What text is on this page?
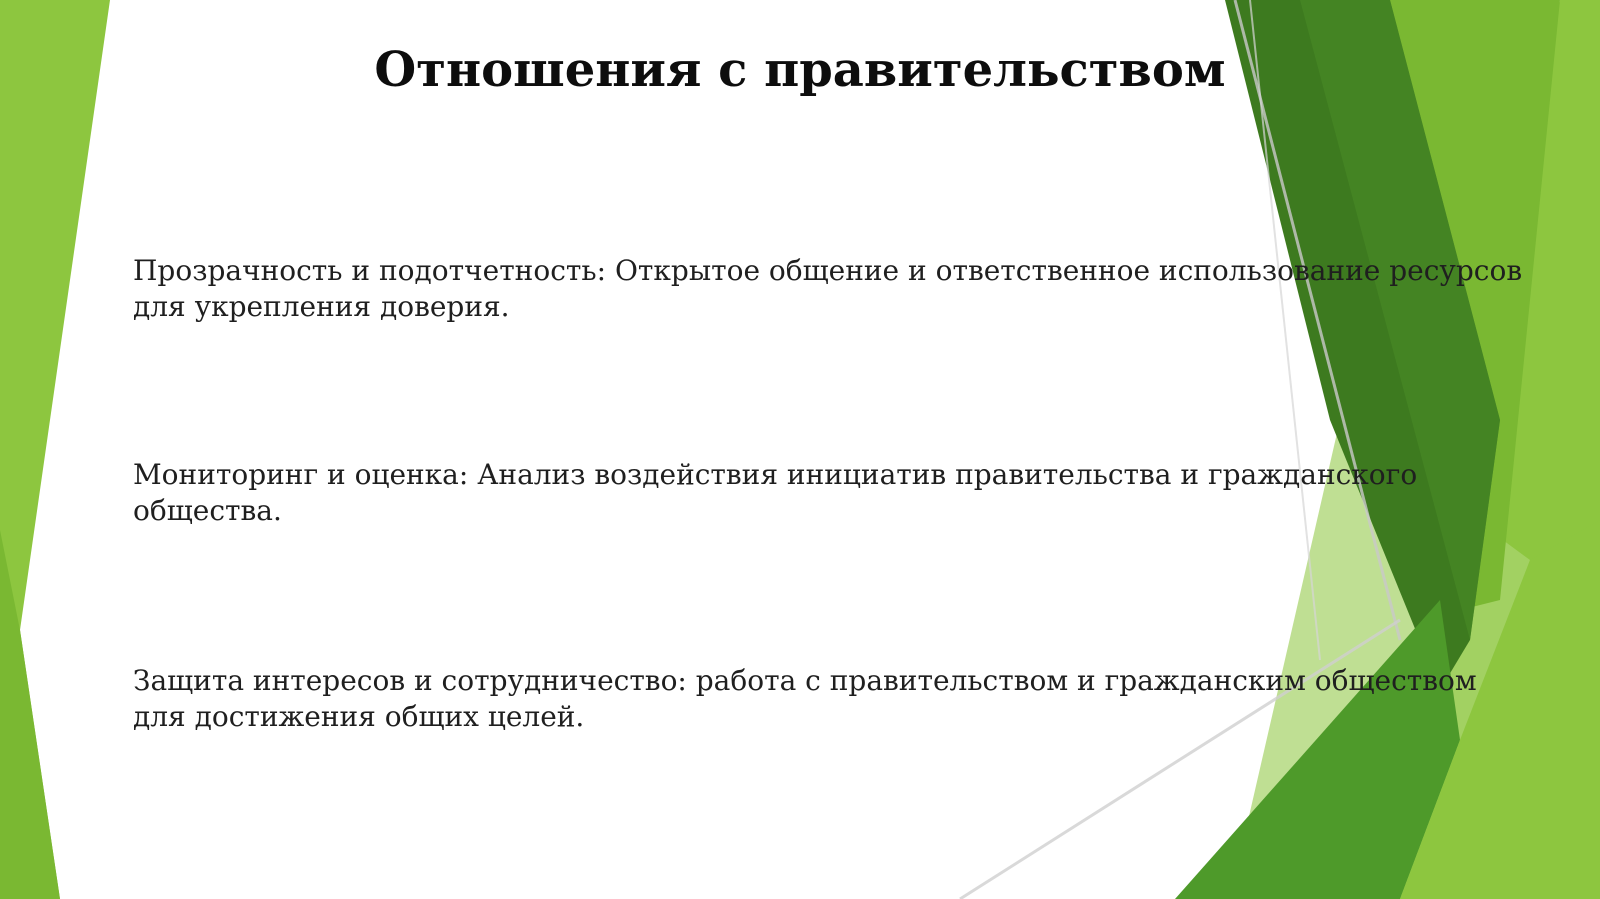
Отношения с правительством

Прозрачность и подотчетность: Открытое общение и ответственное использование ресурсов для укрепления доверия.

Мониторинг и оценка: Анализ воздействия инициатив правительства и гражданского общества.

Защита интересов и сотрудничество: работа с правительством и гражданским обществом для достижения общих целей.
